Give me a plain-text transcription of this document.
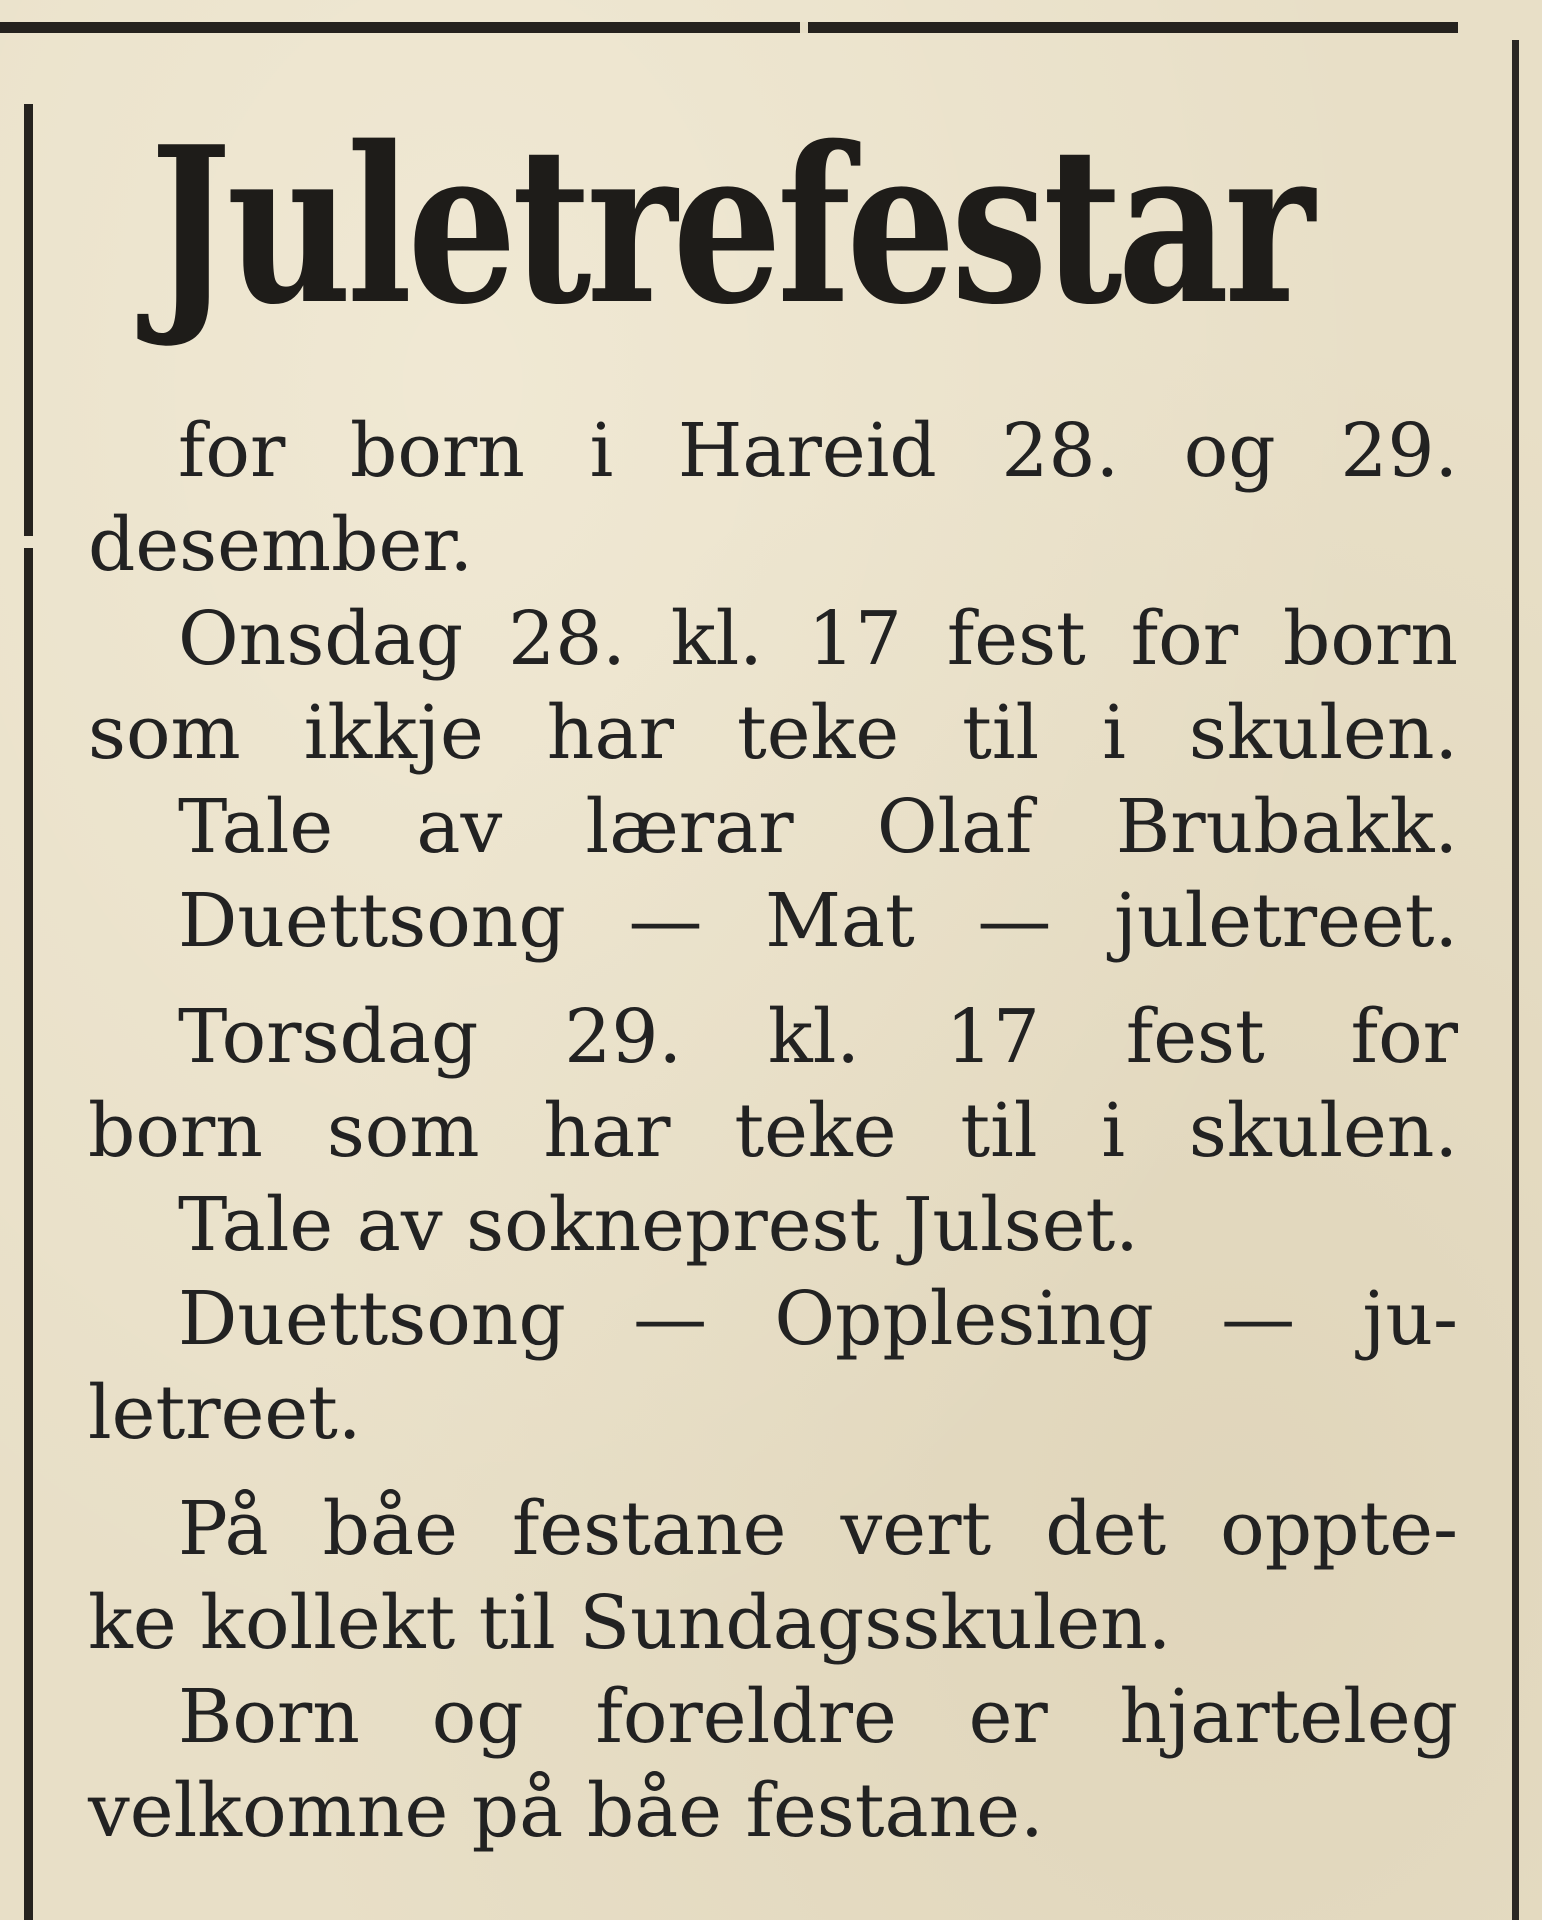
Juletrefestar
for born i Hareid 28. og 29.
desember.
Onsdag 28. kl. 17 fest for born
som ikkje har teke til i skulen.
Tale av lærar Olaf Brubakk.
Duettsong — Mat — juletreet.
Torsdag 29. kl. 17 fest for
born som har teke til i skulen.
Tale av sokneprest Julset.
Duettsong — Opplesing — ju-
letreet.
På båe festane vert det oppte-
ke kollekt til Sundagsskulen.
Born og foreldre er hjarteleg
velkomne på båe festane.
